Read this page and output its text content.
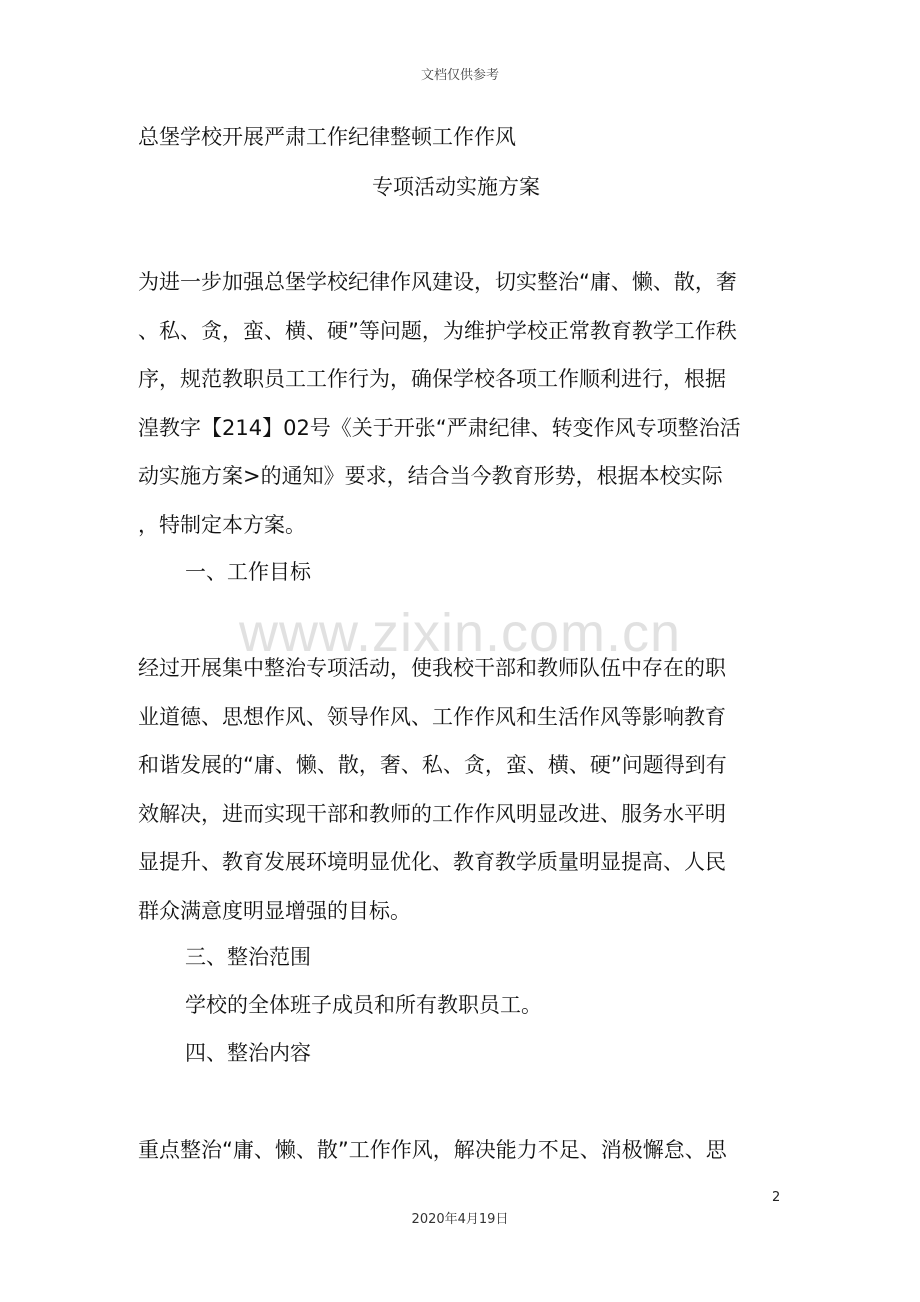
文档仅供参考
总堡学校开展严肃工作纪律整顿工作作风
专项活动实施方案
为进一步加强总堡学校纪律作风建设，切实整治“庸、懒、散，奢
、私、贪，蛮、横、硬”等问题，为维护学校正常教育教学工作秩
序，规范教职员工工作行为，确保学校各项工作顺利进行，根据
湟教字【214】02号《关于开张“严肃纪律、转变作风专项整治活
动实施方案>的通知》要求，结合当今教育形势，根据本校实际
，特制定本方案。
一、工作目标
www.zixin.com.cn
经过开展集中整治专项活动，使我校干部和教师队伍中存在的职
业道德、思想作风、领导作风、工作作风和生活作风等影响教育
和谐发展的“庸、懒、散，奢、私、贪，蛮、横、硬”问题得到有
效解决，进而实现干部和教师的工作作风明显改进、服务水平明
显提升、教育发展环境明显优化、教育教学质量明显提高、人民
群众满意度明显增强的目标。
三、整治范围
学校的全体班子成员和所有教职员工。
四、整治内容
重点整治“庸、懒、散”工作作风，解决能力不足、消极懈怠、思
2
2020年4月19日
